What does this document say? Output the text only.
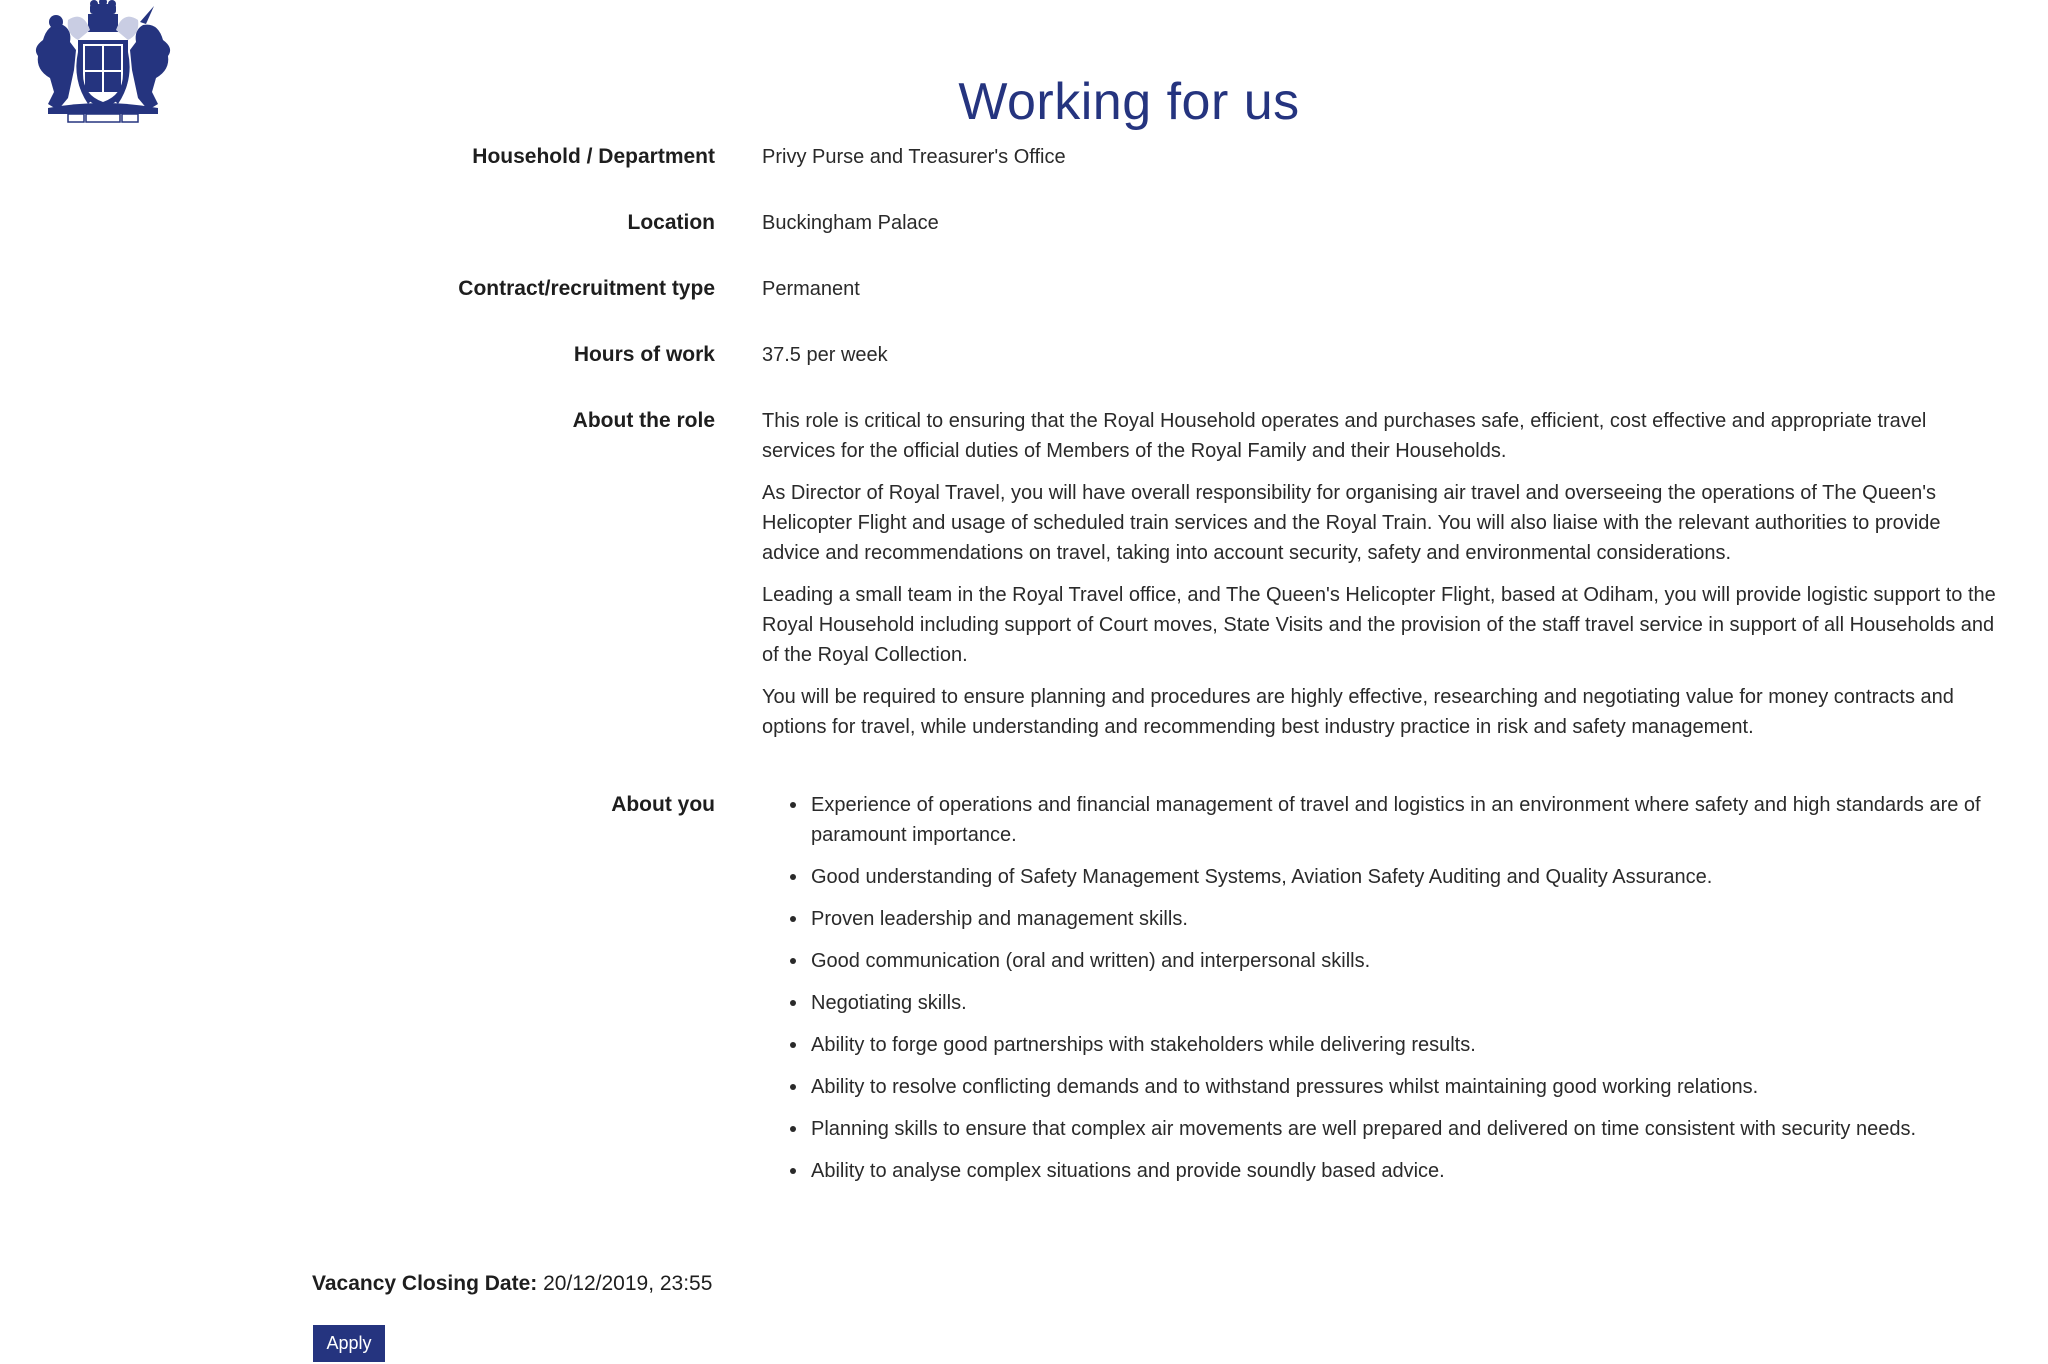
Working for us
Household / Department Privy Purse and Treasurer's Office
Location Buckingham Palace
Contract/recruitment type Permanent
Hours of work 37.5 per week
About the role This role is critical to ensuring that the Royal Household operates and purchases safe, efficient, cost effective and appropriate travel services for the official duties of Members of the Royal Family and their Households.

As Director of Royal Travel, you will have overall responsibility for organising air travel and overseeing the operations of The Queen's Helicopter Flight and usage of scheduled train services and the Royal Train. You will also liaise with the relevant authorities to provide advice and recommendations on travel, taking into account security, safety and environmental considerations.

Leading a small team in the Royal Travel office, and The Queen's Helicopter Flight, based at Odiham, you will provide logistic support to the Royal Household including support of Court moves, State Visits and the provision of the staff travel service in support of all Households and of the Royal Collection.

You will be required to ensure planning and procedures are highly effective, researching and negotiating value for money contracts and options for travel, while understanding and recommending best industry practice in risk and safety management.

About you	Experience of operations and financial management of travel and logistics in an environment where safety and high standards are of paramount importance.
Good understanding of Safety Management Systems, Aviation Safety Auditing and Quality Assurance.
Proven leadership and management skills.
Good communication (oral and written) and interpersonal skills.
Negotiating skills.
Ability to forge good partnerships with stakeholders while delivering results.
Ability to resolve conflicting demands and to withstand pressures whilst maintaining good working relations.
Planning skills to ensure that complex air movements are well prepared and delivered on time consistent with security needs.
Ability to analyse complex situations and provide soundly based advice.
Vacancy Closing Date: 20/12/2019, 23:55
Apply
